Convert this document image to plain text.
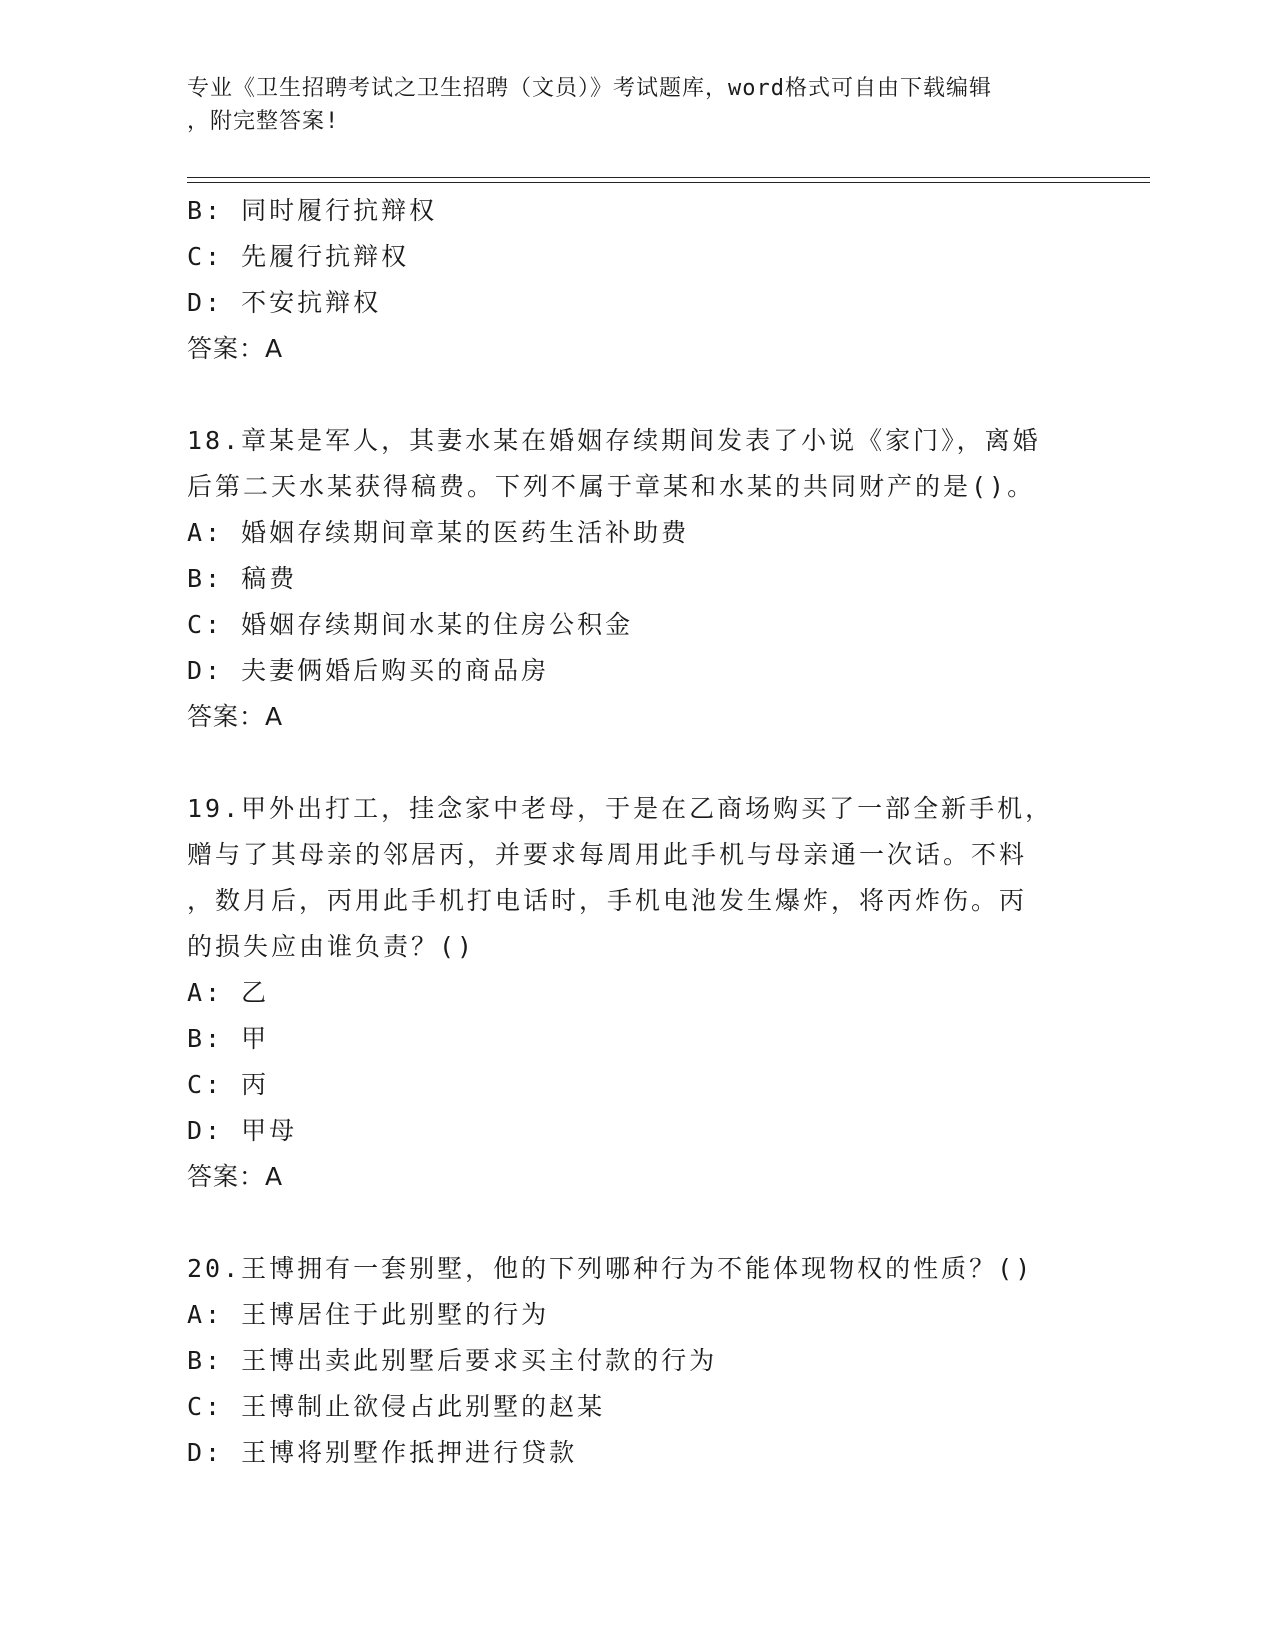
专业《卫生招聘考试之卫生招聘（文员）》考试题库，word格式可自由下载编辑
，附完整答案!
B: 同时履行抗辩权
C: 先履行抗辩权
D: 不安抗辩权
答案：A
18.章某是军人，其妻水某在婚姻存续期间发表了小说《家门》，离婚
后第二天水某获得稿费。下列不属于章某和水某的共同财产的是()。
A: 婚姻存续期间章某的医药生活补助费
B: 稿费
C: 婚姻存续期间水某的住房公积金
D: 夫妻俩婚后购买的商品房
答案：A
19.甲外出打工，挂念家中老母，于是在乙商场购买了一部全新手机，
赠与了其母亲的邻居丙，并要求每周用此手机与母亲通一次话。不料
，数月后，丙用此手机打电话时，手机电池发生爆炸，将丙炸伤。丙
的损失应由谁负责？()
A: 乙
B: 甲
C: 丙
D: 甲母
答案：A
20.王博拥有一套别墅，他的下列哪种行为不能体现物权的性质？()
A: 王博居住于此别墅的行为
B: 王博出卖此别墅后要求买主付款的行为
C: 王博制止欲侵占此别墅的赵某
D: 王博将别墅作抵押进行贷款
